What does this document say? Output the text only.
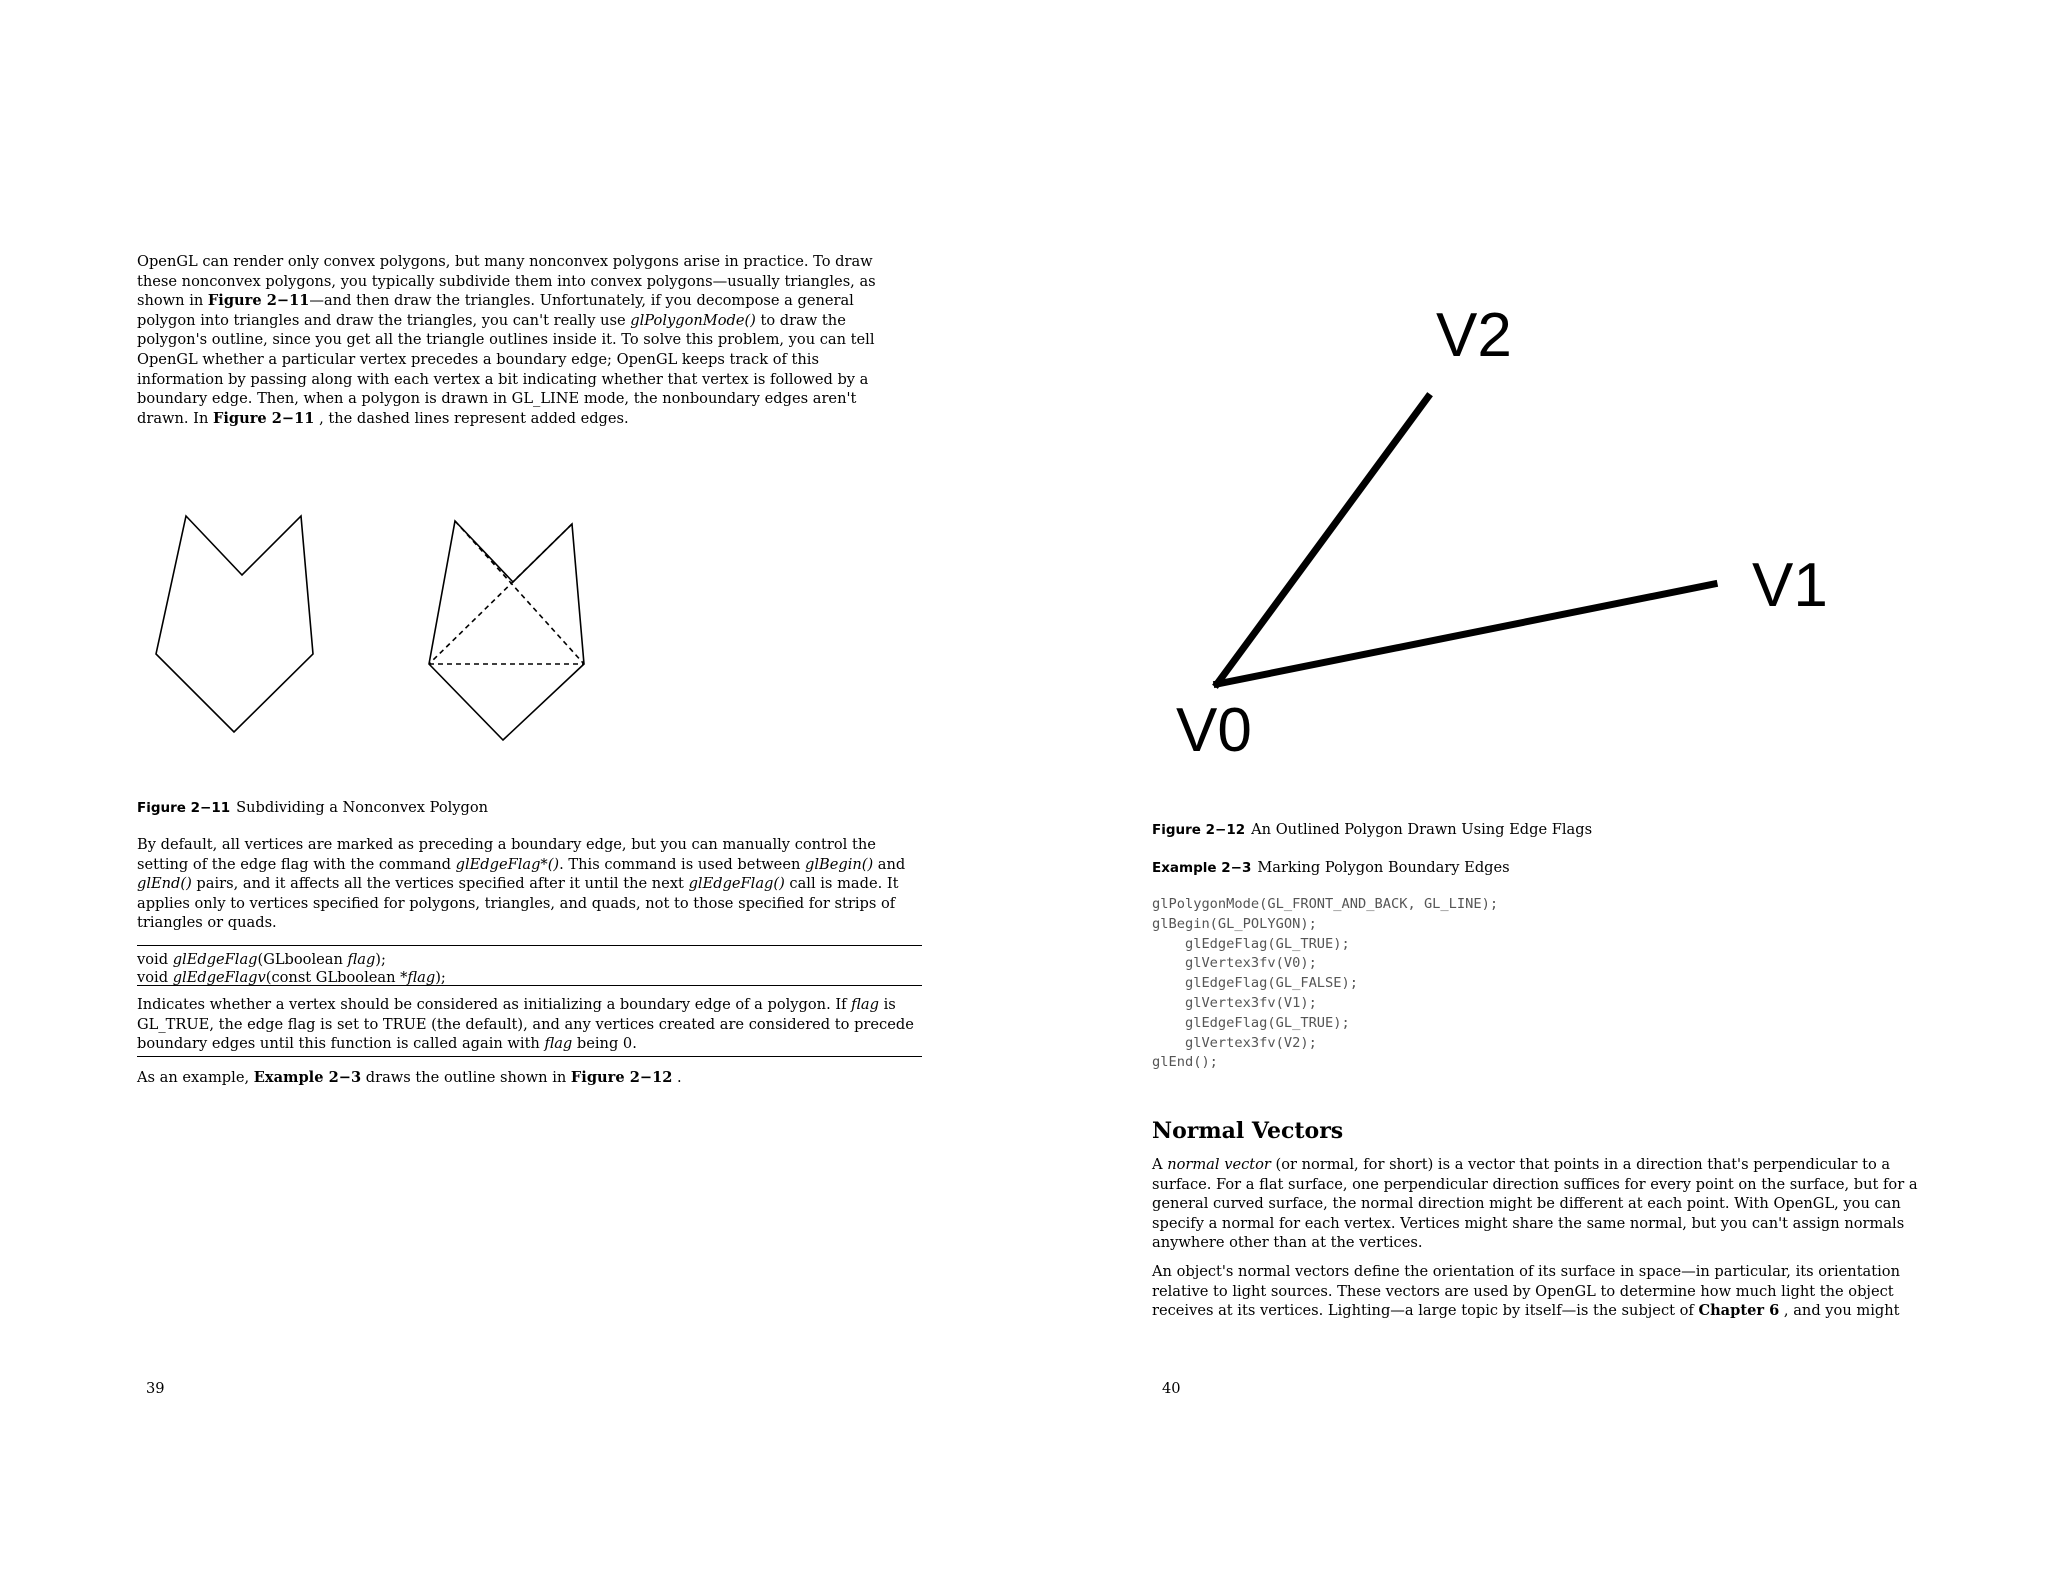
OpenGL can render only convex polygons, but many nonconvex polygons arise in practice. To draw these nonconvex polygons, you typically subdivide them into convex polygons—usually triangles, as shown in Figure 2−11—and then draw the triangles. Unfortunately, if you decompose a general polygon into triangles and draw the triangles, you can't really use glPolygonMode() to draw the polygon's outline, since you get all the triangle outlines inside it. To solve this problem, you can tell OpenGL whether a particular vertex precedes a boundary edge; OpenGL keeps track of this information by passing along with each vertex a bit indicating whether that vertex is followed by a boundary edge. Then, when a polygon is drawn in GL_LINE mode, the nonboundary edges aren't drawn. In Figure 2−11 , the dashed lines represent added edges.

Figure 2−11 Subdividing a Nonconvex Polygon

By default, all vertices are marked as preceding a boundary edge, but you can manually control the setting of the edge flag with the command glEdgeFlag*(). This command is used between glBegin() and glEnd() pairs, and it affects all the vertices specified after it until the next glEdgeFlag() call is made. It applies only to vertices specified for polygons, triangles, and quads, not to those specified for strips of triangles or quads.

void glEdgeFlag(GLboolean flag);

void glEdgeFlagv(const GLboolean *flag);

Indicates whether a vertex should be considered as initializing a boundary edge of a polygon. If flag is GL_TRUE, the edge flag is set to TRUE (the default), and any vertices created are considered to precede boundary edges until this function is called again with flag being 0.

As an example, Example 2−3 draws the outline shown in Figure 2−12 .

39
V2
V1
V0

Figure 2−12 An Outlined Polygon Drawn Using Edge Flags

Example 2−3 Marking Polygon Boundary Edges

glPolygonMode(GL_FRONT_AND_BACK, GL_LINE);
glBegin(GL_POLYGON);
glEdgeFlag(GL_TRUE);
glVertex3fv(V0);
glEdgeFlag(GL_FALSE);
glVertex3fv(V1);
glEdgeFlag(GL_TRUE);
glVertex3fv(V2);
glEnd();
Normal Vectors

A normal vector (or normal, for short) is a vector that points in a direction that's perpendicular to a surface. For a flat surface, one perpendicular direction suffices for every point on the surface, but for a general curved surface, the normal direction might be different at each point. With OpenGL, you can specify a normal for each vertex. Vertices might share the same normal, but you can't assign normals anywhere other than at the vertices.

An object's normal vectors define the orientation of its surface in space—in particular, its orientation relative to light sources. These vectors are used by OpenGL to determine how much light the object receives at its vertices. Lighting—a large topic by itself—is the subject of Chapter 6 , and you might

40
